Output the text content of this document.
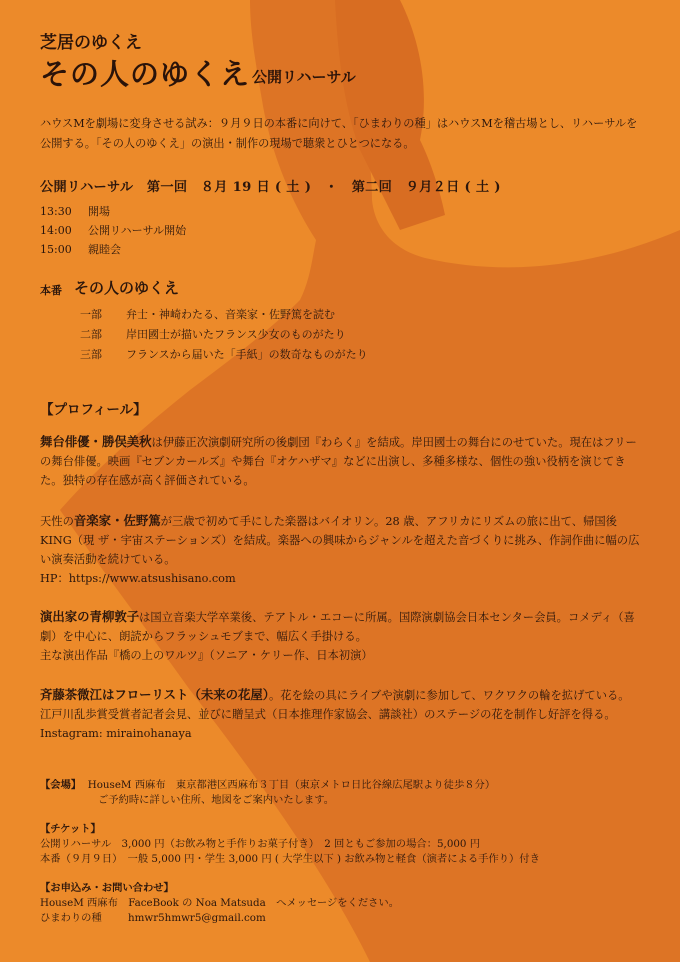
芝居のゆくえ
その人のゆくえ 公開リハーサル
ハウスMを劇場に変身させる試み：９月９日の本番に向けて、「ひまわりの種」はハウスMを稽古場とし、リハーサルを公開する。「その人のゆくえ」の演出・制作の現場で聴衆とひとつになる。
公開リハーサル　第一回　８月 19 日 ( 土 )　・　第二回　９月２日 ( 土 )
13:30 開場
14:00 公開リハーサル開始
15:00 親睦会
本番 その人のゆくえ
一部 弁士・神崎わたる、音楽家・佐野篤を読む
二部 岸田國士が描いたフランス少女のものがたり
三部 フランスから届いた「手紙」の数奇なものがたり
【プロフィール】
舞台俳優・勝俣美秋は伊藤正次演劇研究所の後劇団『わらく』を結成。岸田國士の舞台にのせていた。現在はフリーの舞台俳優。映画『セブンカールズ』や舞台『オケハザマ』などに出演し、多種多様な、個性の強い役柄を演じてきた。独特の存在感が高く評価されている。
天性の音楽家・佐野篤が三歳で初めて手にした楽器はバイオリン。28 歳、アフリカにリズムの旅に出て、帰国後KING（現 ザ・宇宙ステーションズ）を結成。楽器への興味からジャンルを超えた音づくりに挑み、作詞作曲に幅の広い演奏活動を続けている。
HP：https://www.atsushisano.com
演出家の青柳敦子は国立音楽大学卒業後、テアトル・エコーに所属。国際演劇協会日本センター会員。コメディ（喜劇）を中心に、朗読からフラッシュモブまで、幅広く手掛ける。
主な演出作品『橋の上のワルツ』（ソニア・ケリー作、日本初演）
斉藤茶微江はフローリスト（未来の花屋）。花を絵の具にライブや演劇に参加して、ワクワクの輪を拡げている。江戸川乱歩賞受賞者記者会見、並びに贈呈式（日本推理作家協会、講談社）のステージの花を制作し好評を得る。
Instagram: mirainohanaya
【会場】 HouseM 西麻布　東京都港区西麻布３丁目（東京メトロ日比谷線広尾駅より徒歩８分）
ご予約時に詳しい住所、地図をご案内いたします。
【チケット】
公開リハーサル　3,000 円（お飲み物と手作りお菓子付き）　2 回ともご参加の場合：5,000 円
本番（９月９日）　一般 5,000 円・学生 3,000 円 ( 大学生以下 ) お飲み物と軽食（演者による手作り）付き
【お申込み・お問い合わせ】
HouseM 西麻布　FaceBook の Noa Matsuda　へメッセージをください。
ひまわりの種	hmwr5hmwr5@gmail.com
